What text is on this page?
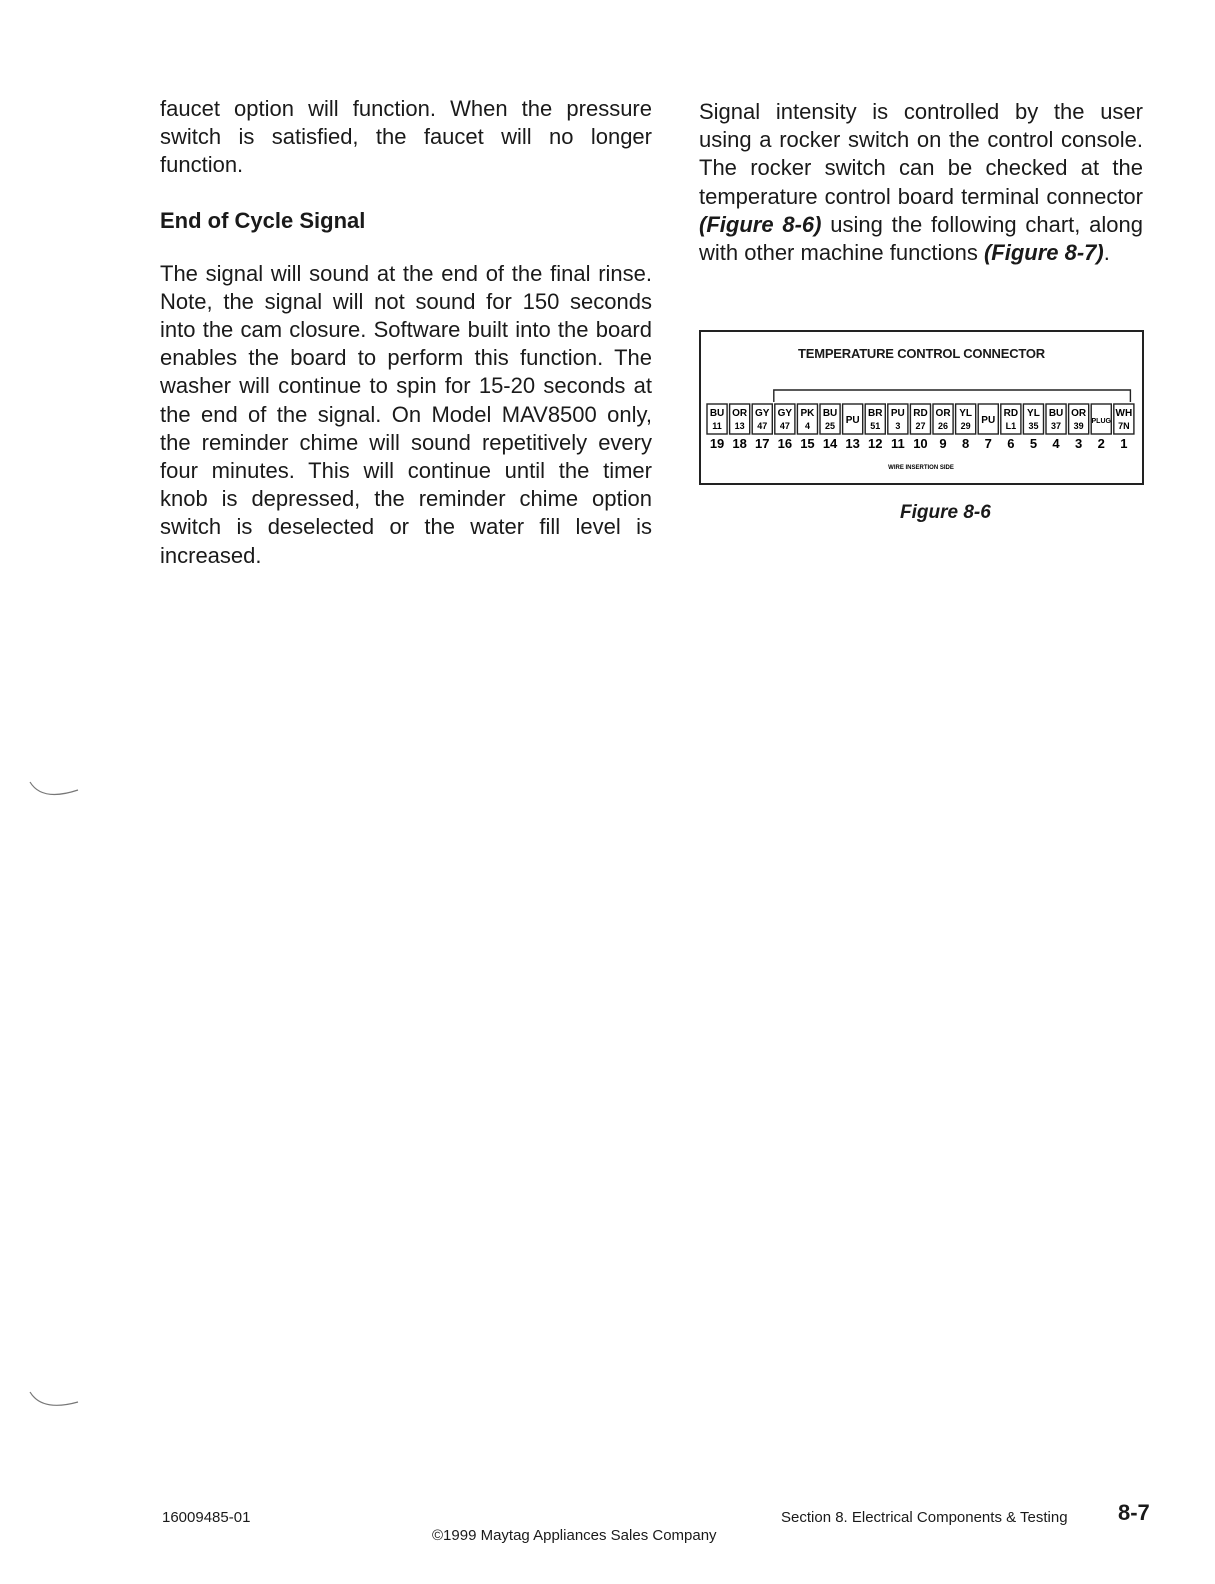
faucet option will function. When the pressure switch is satisfied, the faucet will no longer function.

End of Cycle Signal

The signal will sound at the end of the final rinse. Note, the signal will not sound for 150 seconds into the cam closure. Software built into the board enables the board to perform this function. The washer will continue to spin for 15-20 seconds at the end of the signal. On Model MAV8500 only, the reminder chime will sound repetitively every four minutes. This will continue until the timer knob is depressed, the reminder chime option switch is deselected or the water fill level is increased.

Signal intensity is controlled by the user using a rocker switch on the control console. The rocker switch can be checked at the temperature control board terminal connector (Figure 8-6) using the following chart, along with other machine functions (Figure 8-7).

TEMPERATURE CONTROL CONNECTOR
BU
11
19
OR
13
18
GY
47
17
GY
47
16
PK
4
15
BU
25
14
PU
13
BR
51
12
PU
3
11
RD
27
10
OR
26
9
YL
29
8
PU
7
RD
L1
6
YL
35
5
BU
37
4
OR
39
3
PLUG
2
WH
7N
1
WIRE INSERTION SIDE
Figure 8-6
16009485-01
©1999 Maytag Appliances Sales Company
Section 8. Electrical Components & Testing 8-7
